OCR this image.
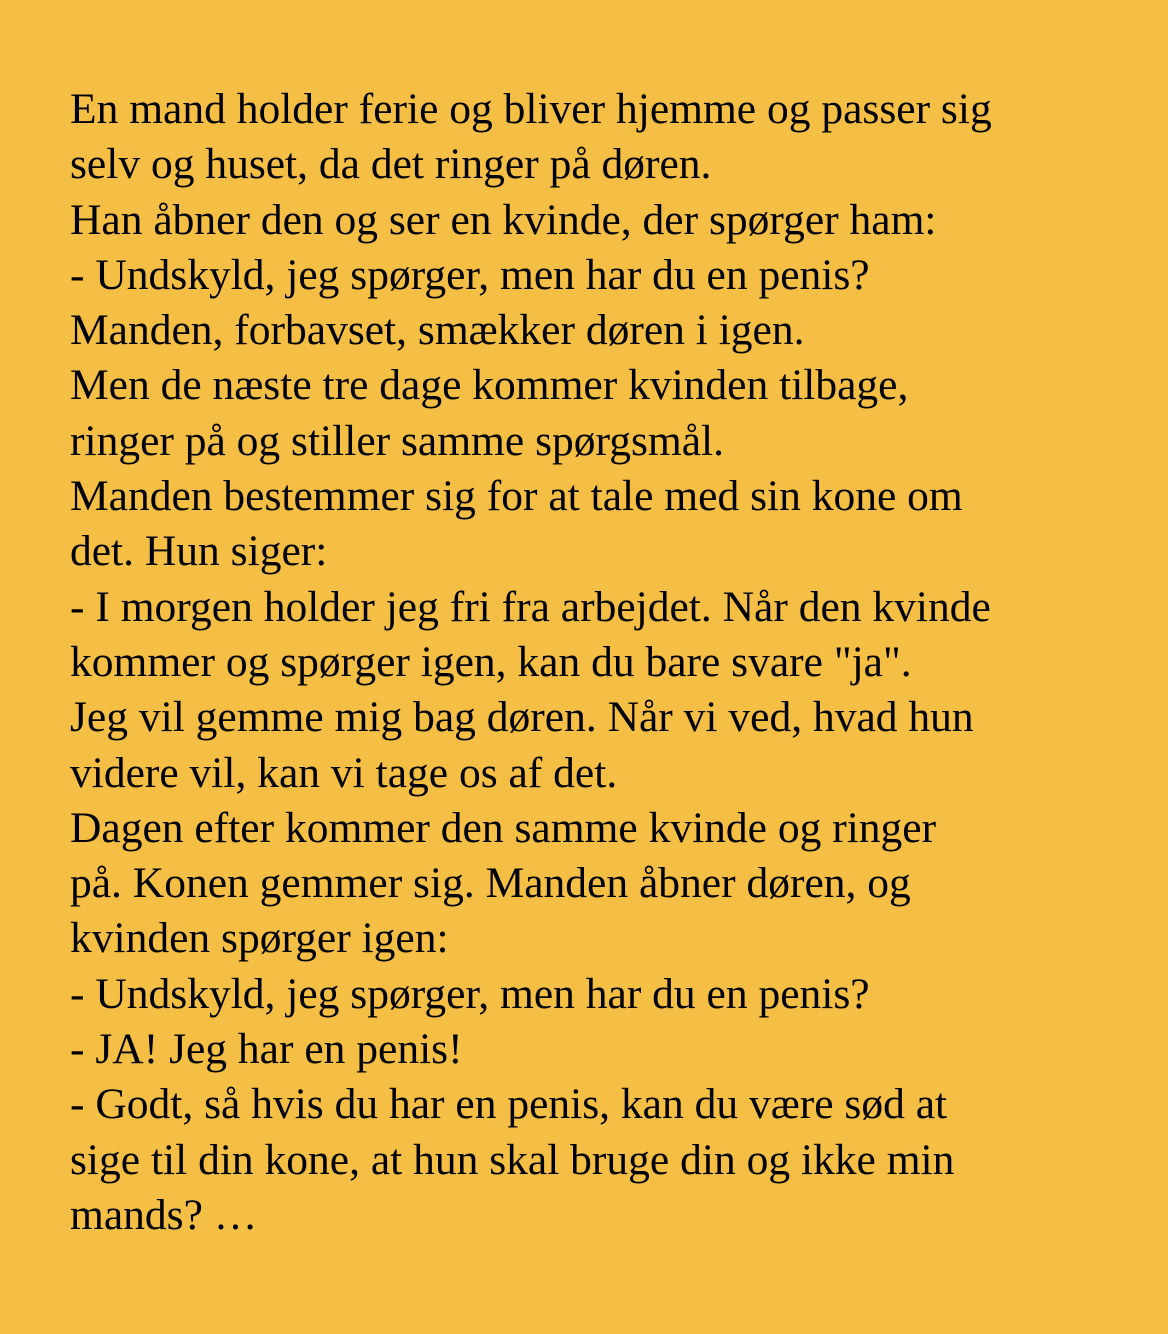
En mand holder ferie og bliver hjemme og passer sig
selv og huset, da det ringer på døren.
Han åbner den og ser en kvinde, der spørger ham:
- Undskyld, jeg spørger, men har du en penis?
Manden, forbavset, smækker døren i igen.
Men de næste tre dage kommer kvinden tilbage,
ringer på og stiller samme spørgsmål.
Manden bestemmer sig for at tale med sin kone om
det. Hun siger:
- I morgen holder jeg fri fra arbejdet. Når den kvinde
kommer og spørger igen, kan du bare svare "ja".
Jeg vil gemme mig bag døren. Når vi ved, hvad hun
videre vil, kan vi tage os af det.
Dagen efter kommer den samme kvinde og ringer
på. Konen gemmer sig. Manden åbner døren, og
kvinden spørger igen:
- Undskyld, jeg spørger, men har du en penis?
- JA! Jeg har en penis!
- Godt, så hvis du har en penis, kan du være sød at
sige til din kone, at hun skal bruge din og ikke min
mands? …
